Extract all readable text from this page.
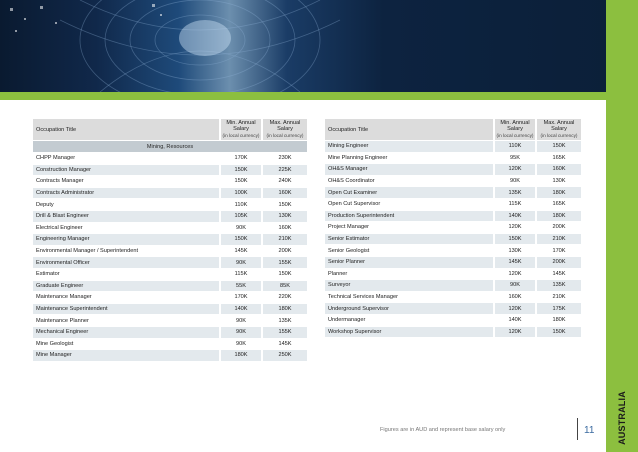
Occupation Title	Min. Annual
Salary
(in local currency)	Max. Annual
Salary
(in local currency)
Mining, Resources		
CHPP Manager	170K	230K
Construction Manager	150K	225K
Contracts Manager	150K	240K
Contracts Administrator	100K	160K
Deputy	110K	150K
Drill & Blast Engineer	105K	130K
Electrical Engineer	90K	160K
Engineering Manager	150K	210K
Environmental Manager / Superintendent	145K	200K
Environmental Officer	90K	155K
Estimator	115K	150K
Graduate Engineer	55K	85K
Maintenance Manager	170K	220K
Maintenance Superintendent	140K	180K
Maintenance Planner	90K	135K
Mechanical Engineer	90K	155K
Mine Geologist	90K	145K
Mine Manager	180K	250K
Occupation Title	Min. Annual
Salary
(in local currency)	Max. Annual
Salary
(in local currency)
Mining Engineer	110K	150K
Mine Planning Engineer	95K	165K
OH&S Manager	120K	160K
OH&S Coordinator	90K	130K
Open Cut Examiner	135K	180K
Open Cut Supervisor	115K	165K
Production Superintendent	140K	180K
Project Manager	120K	200K
Senior Estimator	150K	210K
Senior Geologist	130K	170K
Senior Planner	145K	200K
Planner	120K	145K
Surveyor	90K	135K
Technical Services Manager	160K	210K
Underground Supervisor	120K	175K
Undermanager	140K	180K
Workshop Supervisor	120K	150K
AUSTRALIA
Figures are in AUD and represent base salary only	11
